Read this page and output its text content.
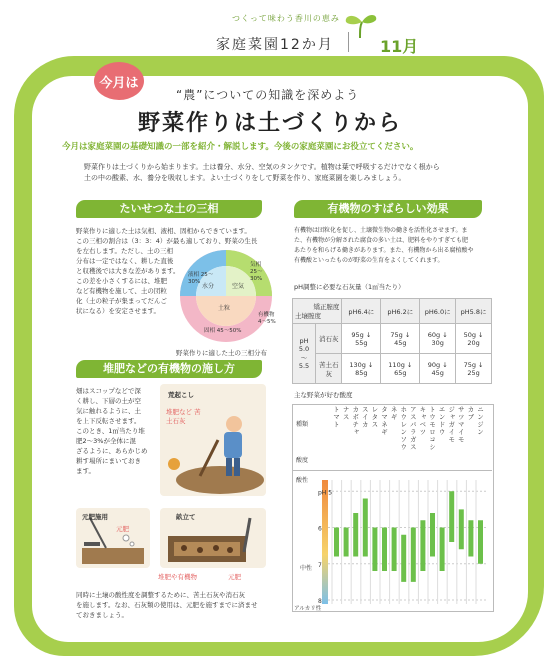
つくって味わう香川の恵み
家庭菜園12か月	11月
今月は
“農”についての知識を深めよう
野菜作りは土づくりから
今月は家庭菜園の基礎知識の一部を紹介・解説します。今後の家庭菜園にお役立てください。
野菜作りは土づくりから始まります。土は養分、水分、空気のタンクです。植物は葉で呼吸するだけでなく根から
土の中の酸素、水、養分を吸収します。よい土づくりをして野菜を作り、家庭菜園を楽しみましょう。
たいせつな土の三相
野菜作りに適した土は気相、液相、固相からできています。
この三相の割合は（3：3：4）が最も適しており、野菜の生長
を左右します。ただし、土の三相
分布は一定ではなく、耕した直後
と収穫後では大きな差があります。
この差を小さくするには、堆肥
など有機物を施して、土の団粒
化（土の粒子が集まってだんご
状になる）を安定させます。
液相 25〜30%
水分	空気
気相 25〜30%
土粒
固相 45〜50%
有機物 4〜5%
野菜作りに適した土の三相分布
有機物のすばらしい効果
有機物は団粒化を促し、土壌微生物の働きを活性化させます。ま
た、有機物が分解された腐食の多い土は、肥料をやりすぎても肥
あたりを和らげる働きがあります。また、有機物から出る腐植酸や
有機酸といったものが野菜の生育をよくしてくれます。
pH調整に必要な石灰量（1㎡当たり）
矯正膣度
土壌膣度		pH6.4に	pH6.2に	pH6.0に	pH5.8に
pH 5.0 〜 5.5	消石灰	95g ↓ 55g	75g ↓ 45g	60g ↓ 30g	50g ↓ 20g
	苦土石灰	130g ↓ 85g	110g ↓ 65g	90g ↓ 45g	75g ↓ 25g
主な野菜が好む酸度
種類
酸度
トマト ナス カボチャ スイカ レタス タマネギ ネギ ホウレンソウ アスパラガス キャベツ トウモロコシ エンドウ ジャガイモ サツマイモ カブ ニンジン
酸性
中性
アルカリ性
pH 5
6
7
8
堆肥などの有機物の施し方
畑はスコップなどで深
く耕し、下層の土が空
気に触れるように、土
を上下反転させます。
このとき、1㎡当たり堆
肥2〜3%が全体に混
ざるように、あらかじめ
耕す場所にまいておき
ます。
荒起こし
堆肥など 苦土石灰
元肥施用
元肥
畝立て
堆肥や有機物	元肥
同時に土壌の酸性度を調整するために、苦土石灰や消石灰
を施します。なお、石灰類の使用は、元肥を施すまでに済ませ
ておきましょう。
